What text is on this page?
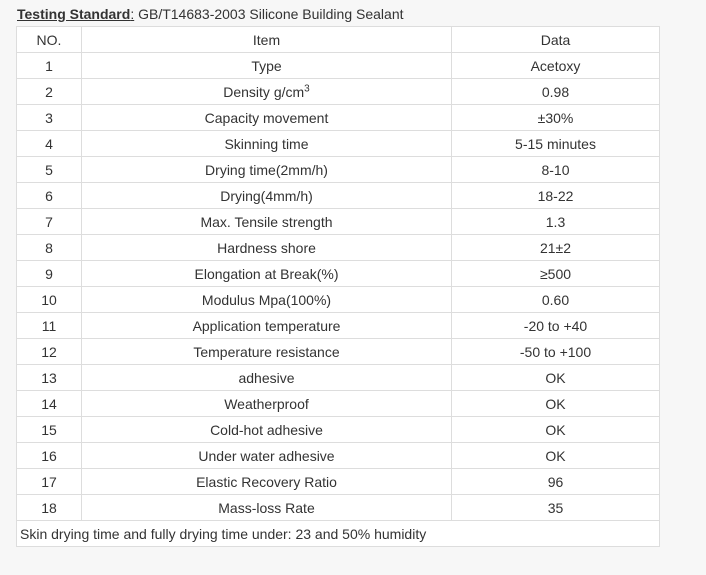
Testing Standard: GB/T14683-2003 Silicone Building Sealant
NO.	Item	Data
1	Type	Acetoxy
2	Density $g/cm^3$	0.98
3	Capacity movement	±30%
4	Skinning time	5-15 minutes
5	Drying time(2mm/h)	8-10
6	Drying(4mm/h)	18-22
7	Max. Tensile strength	1.3
8	Hardness shore	21±2
9	Elongation at Break(%)	≥500
10	Modulus Mpa(100%)	0.60
11	Application temperature	-20 to +40
12	Temperature resistance	-50 to +100
13	adhesive	OK
14	Weatherproof	OK
15	Cold-hot adhesive	OK
16	Under water adhesive	OK
17	Elastic Recovery Ratio	96
18	Mass-loss Rate	35
Skin drying time and fully drying time under: 23 and 50% humidity		
